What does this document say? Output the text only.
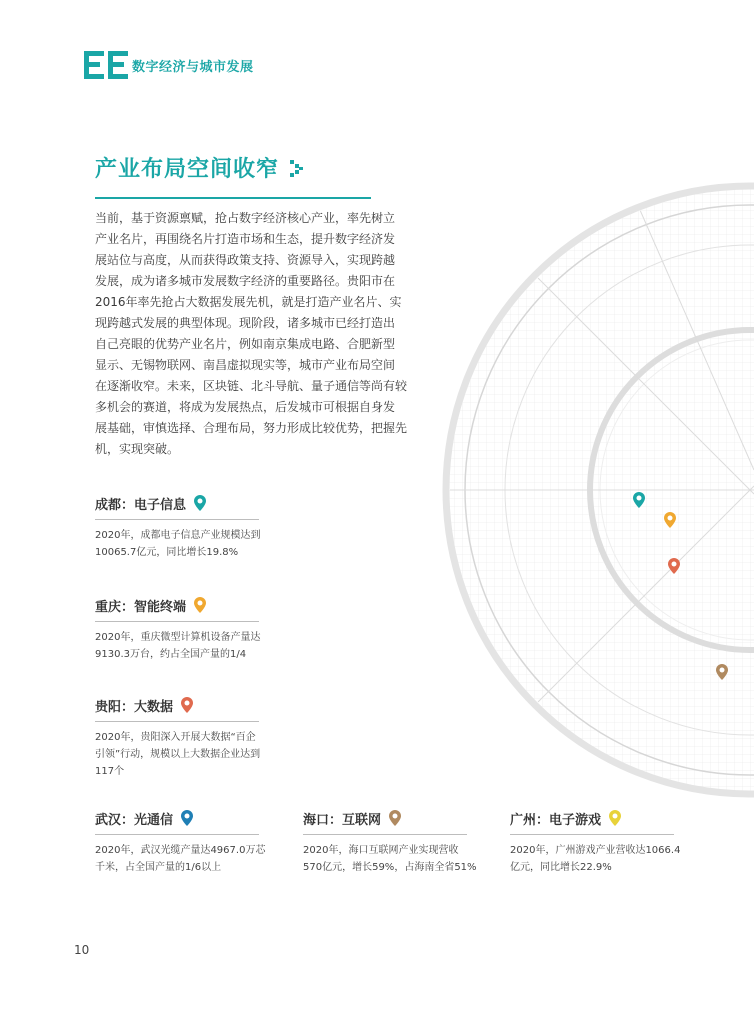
数字经济与城市发展
产业布局空间收窄
当前，基于资源禀赋，抢占数字经济核心产业，率先树立
产业名片，再围绕名片打造市场和生态，提升数字经济发
展站位与高度，从而获得政策支持、资源导入，实现跨越
发展，成为诸多城市发展数字经济的重要路径。贵阳市在
2016年率先抢占大数据发展先机，就是打造产业名片、实
现跨越式发展的典型体现。现阶段，诸多城市已经打造出
自己亮眼的优势产业名片，例如南京集成电路、合肥新型
显示、无锡物联网、南昌虚拟现实等，城市产业布局空间
在逐渐收窄。未来，区块链、北斗导航、量子通信等尚有较
多机会的赛道，将成为发展热点，后发城市可根据自身发
展基础，审慎选择、合理布局，努力形成比较优势，把握先
机，实现突破。
成都：电子信息
2020年，成都电子信息产业规模达到
10065.7亿元，同比增长19.8%
重庆：智能终端
2020年，重庆微型计算机设备产量达
9130.3万台，约占全国产量的1/4
贵阳：大数据
2020年，贵阳深入开展大数据“百企
引领”行动，规模以上大数据企业达到
117个
武汉：光通信
2020年，武汉光缆产量达4967.0万芯
千米，占全国产量的1/6以上
海口：互联网
2020年，海口互联网产业实现营收
570亿元，增长59%，占海南全省51%
广州：电子游戏
2020年，广州游戏产业营收达1066.4
亿元，同比增长22.9%
10
